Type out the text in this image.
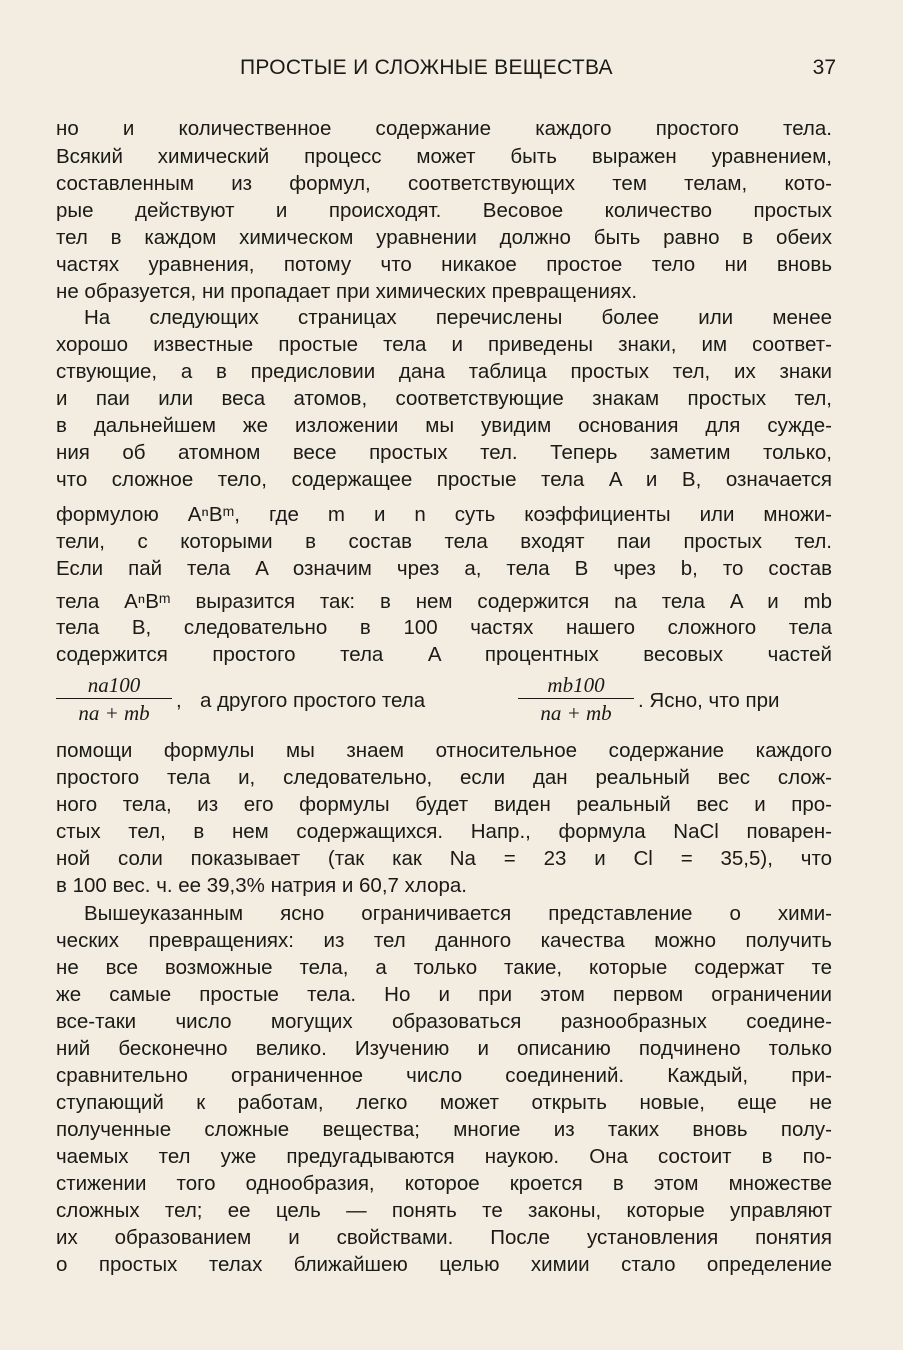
ПРОСТЫЕ И СЛОЖНЫЕ ВЕЩЕСТВА	37
но и количественное содержание каждого простого тела.
Всякий химический процесс может быть выражен уравнением,
составленным из формул, соответствующих тем телам, кото-
рые действуют и происходят. Весовое количество простых
тел в каждом химическом уравнении должно быть равно в обеих
частях уравнения, потому что никакое простое тело ни вновь
не образуется, ни пропадает при химических превращениях.
На следующих страницах перечислены более или менее
хорошо известные простые тела и приведены знаки, им соответ-
ствующие, а в предисловии дана таблица простых тел, их знаки
и паи или веса атомов, соответствующие знакам простых тел,
в дальнейшем же изложении мы увидим основания для сужде-
ния об атомном весе простых тел. Теперь заметим только,
что сложное тело, содержащее простые тела A и B, означается
формулою AⁿBᵐ, где m и n суть коэффициенты или множи-
тели, с которыми в состав тела входят паи простых тел.
Если пай тела A означим чрез a, тела B чрез b, то состав
тела AⁿBᵐ выразится так: в нем содержится na тела A и mb
тела B, следовательно в 100 частях нашего сложного тела
содержится простого тела A процентных весовых частей
na100
na + mb
, а другого простого тела
mb100
na + mb
. Ясно, что при
помощи формулы мы знаем относительное содержание каждого
простого тела и, следовательно, если дан реальный вес слож-
ного тела, из его формулы будет виден реальный вес и про-
стых тел, в нем содержащихся. Напр., формула NaCl поварен-
ной соли показывает (так как Na = 23 и Cl = 35,5), что
в 100 вес. ч. ее 39,3% натрия и 60,7 хлора.
Вышеуказанным ясно ограничивается представление о хими-
ческих превращениях: из тел данного качества можно получить
не все возможные тела, а только такие, которые содержат те
же самые простые тела. Но и при этом первом ограничении
все-таки число могущих образоваться разнообразных соедине-
ний бесконечно велико. Изучению и описанию подчинено только
сравнительно ограниченное число соединений. Каждый, при-
ступающий к работам, легко может открыть новые, еще не
полученные сложные вещества; многие из таких вновь полу-
чаемых тел уже предугадываются наукою. Она состоит в по-
стижении того однообразия, которое кроется в этом множестве
сложных тел; ее цель — понять те законы, которые управляют
их образованием и свойствами. После установления понятия
о простых телах ближайшею целью химии стало определение
